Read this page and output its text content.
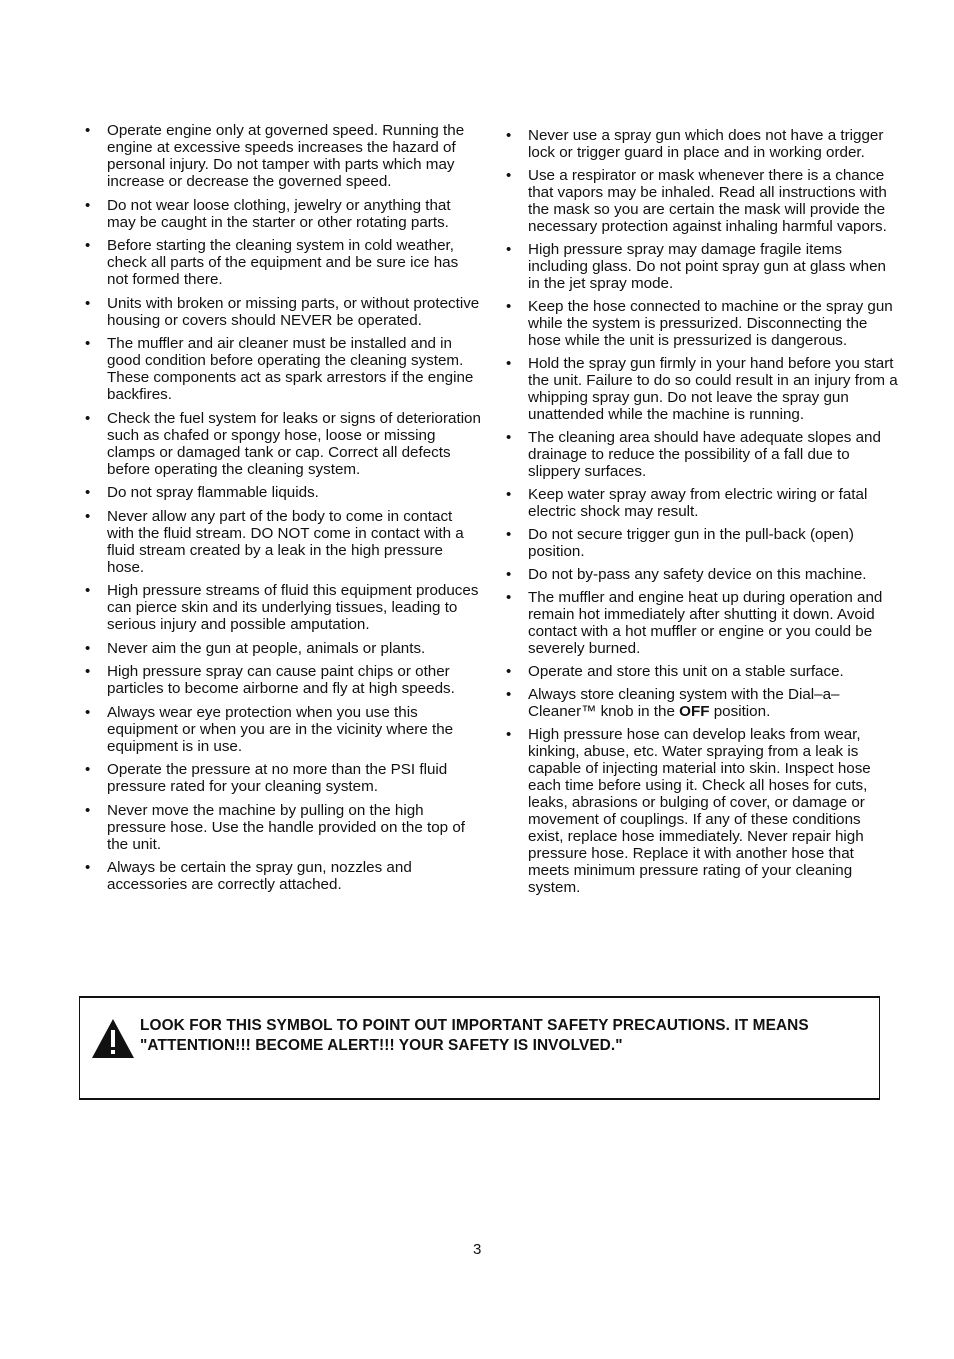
• Operate engine only at governed speed. Running the engine at excessive speeds increases the hazard of personal injury. Do not tamper with parts which may increase or decrease the governed speed.
• Do not wear loose clothing, jewelry or anything that may be caught in the starter or other rotating parts.
• Before starting the cleaning system in cold weather, check all parts of the equipment and be sure ice has not formed there.
• Units with broken or missing parts, or without protective housing or covers should NEVER be operated.
• The muffler and air cleaner must be installed and in good condition before operating the cleaning system. These components act as spark arrestors if the engine backfires.
• Check the fuel system for leaks or signs of deterioration such as chafed or spongy hose, loose or missing clamps or damaged tank or cap. Correct all defects before operating the cleaning system.
• Do not spray flammable liquids.
• Never allow any part of the body to come in contact with the fluid stream. DO NOT come in contact with a fluid stream created by a leak in the high pressure hose.
• High pressure streams of fluid this equipment produces can pierce skin and its underlying tissues, leading to serious injury and possible amputation.
• Never aim the gun at people, animals or plants.
• High pressure spray can cause paint chips or other particles to become airborne and fly at high speeds.
• Always wear eye protection when you use this equipment or when you are in the vicinity where the equipment is in use.
• Operate the pressure at no more than the PSI fluid pressure rated for your cleaning system.
• Never move the machine by pulling on the high pressure hose. Use the handle provided on the top of the unit.
• Always be certain the spray gun, nozzles and accessories are correctly attached.
• Never use a spray gun which does not have a trigger lock or trigger guard in place and in working order.
• Use a respirator or mask whenever there is a chance that vapors may be inhaled. Read all instructions with the mask so you are certain the mask will provide the necessary protection against inhaling harmful vapors.
• High pressure spray may damage fragile items including glass. Do not point spray gun at glass when in the jet spray mode.
• Keep the hose connected to machine or the spray gun while the system is pressurized. Disconnecting the hose while the unit is pressurized is dangerous.
• Hold the spray gun firmly in your hand before you start the unit. Failure to do so could result in an injury from a whipping spray gun. Do not leave the spray gun unattended while the machine is running.
• The cleaning area should have adequate slopes and drainage to reduce the possibility of a fall due to slippery surfaces.
• Keep water spray away from electric wiring or fatal electric shock may result.
• Do not secure trigger gun in the pull-back (open) position.
• Do not by-pass any safety device on this machine.
• The muffler and engine heat up during operation and remain hot immediately after shutting it down. Avoid contact with a hot muffler or engine or you could be severely burned.
• Operate and store this unit on a stable surface.
• Always store cleaning system with the Dial–a–Cleaner™ knob in the OFF position.
• High pressure hose can develop leaks from wear, kinking, abuse, etc. Water spraying from a leak is capable of injecting material into skin. Inspect hose each time before using it. Check all hoses for cuts, leaks, abrasions or bulging of cover, or damage or movement of couplings. If any of these conditions exist, replace hose immediately. Never repair high pressure hose. Replace it with another hose that meets minimum pressure rating of your cleaning system.
LOOK FOR THIS SYMBOL TO POINT OUT IMPORTANT SAFETY PRECAUTIONS. IT MEANS "ATTENTION!!! BECOME ALERT!!! YOUR SAFETY IS INVOLVED."
3
